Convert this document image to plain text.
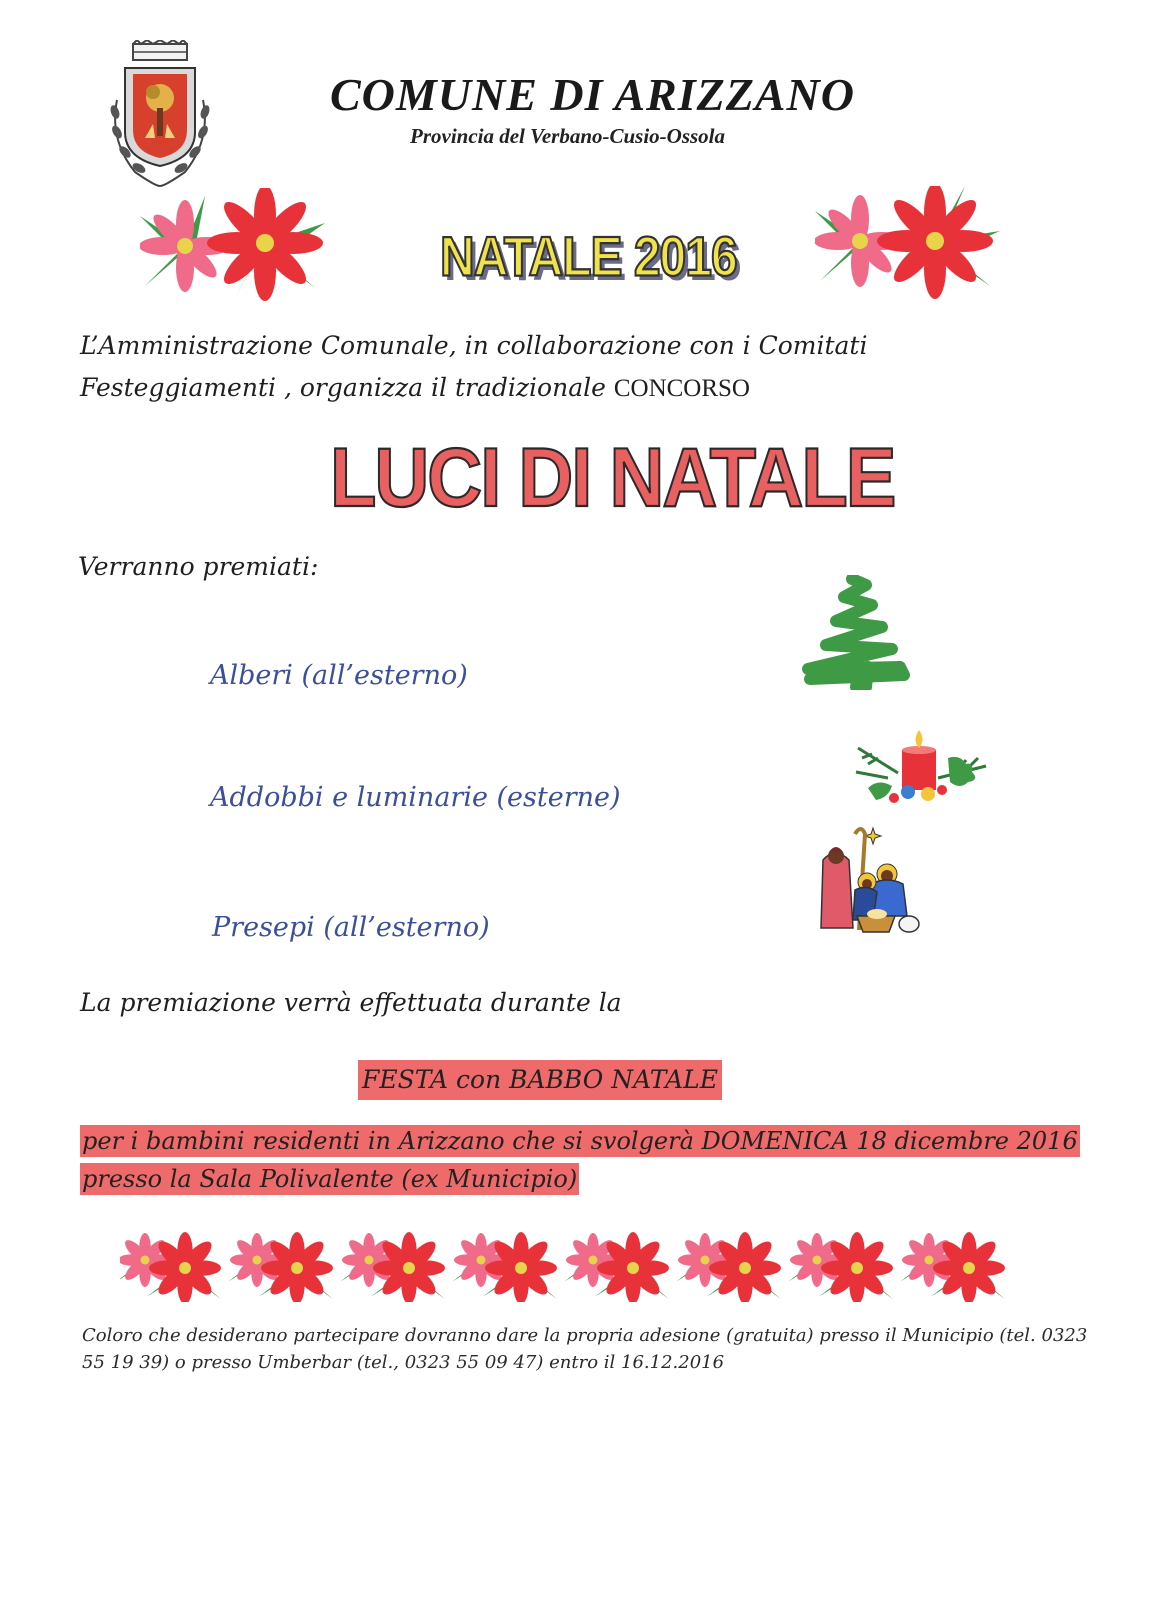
COMUNE DI ARIZZANO
Provincia del Verbano-Cusio-Ossola
NATALE 2016
L’Amministrazione Comunale, in collaborazione con i Comitati
Festeggiamenti , organizza il tradizionale CONCORSO
LUCI DI NATALE
Verranno premiati:
Alberi (all’esterno)
Addobbi e luminarie (esterne)
Presepi (all’esterno)
La premiazione verrà effettuata durante la
FESTA con BABBO NATALE
per i bambini residenti in Arizzano che si svolgerà DOMENICA 18 dicembre 2016 presso la Sala Polivalente (ex Municipio)
Coloro che desiderano partecipare dovranno dare la propria adesione (gratuita) presso il Municipio (tel. 0323 55 19 39) o presso Umberbar (tel., 0323 55 09 47) entro il 16.12.2016
